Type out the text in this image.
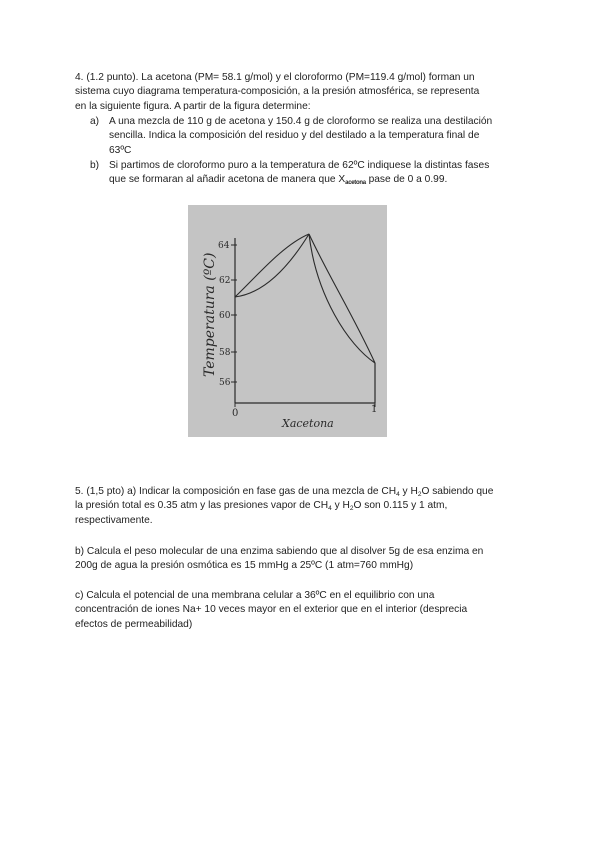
4. (1.2 punto). La acetona (PM= 58.1 g/mol) y el cloroformo (PM=119.4 g/mol) forman un
sistema cuyo diagrama temperatura-composición, a la presión atmosférica, se representa
en la siguiente figura. A partir de la figura determine:
a) A una mezcla de 110 g de acetona y 150.4 g de cloroformo se realiza una destilación
sencilla. Indica la composición del residuo y del destilado a la temperatura final de
63ºC
b) Si partimos de cloroformo puro a la temperatura de 62ºC indiquese la distintas fases
que se formaran al añadir acetona de manera que Xacetona pase de 0 a 0.99.
64
62
60
58
56
0	1
Temperatura (ºC)
Xacetona
5. (1,5 pto) a) Indicar la composición en fase gas de una mezcla de $CH_4$ y $H_2O$ sabiendo que
la presión total es 0.35 atm y las presiones vapor de $CH_4$ y $H_2O$ son 0.115 y 1 atm,
respectivamente.
b) Calcula el peso molecular de una enzima sabiendo que al disolver 5g de esa enzima en
200g de agua la presión osmótica es 15 mmHg a 25ºC (1 atm=760 mmHg)
c) Calcula el potencial de una membrana celular a 36ºC en el equilibrio con una
concentración de iones Na+ 10 veces mayor en el exterior que en el interior (desprecia
efectos de permeabilidad)
